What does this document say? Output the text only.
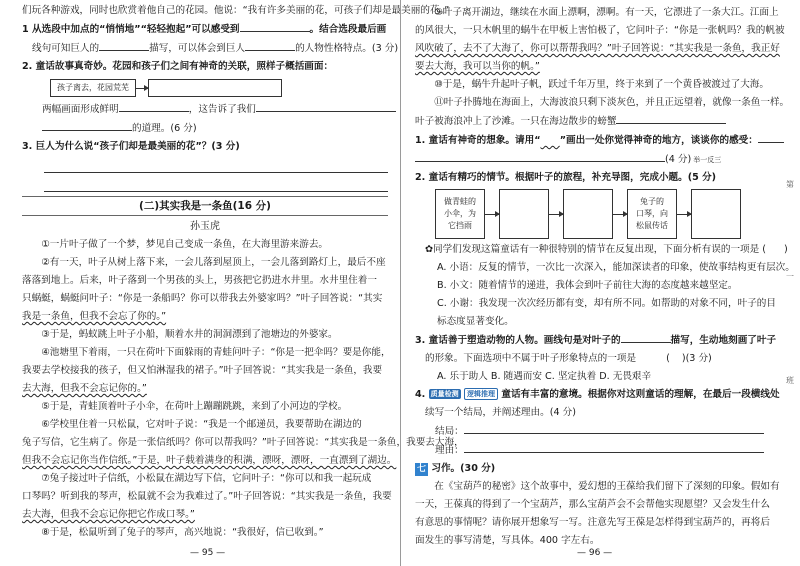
们玩各种游戏，同时也欣赏着他自己的花园。他说：“我有许多美丽的花，可孩子们却是最美丽的花。”

1 从选段中加点的“悄悄地”“轻轻抱起”可以感受到	。结合选段最后画

线句可知巨人的	描写，可以体会到巨人	的人物性格特点。(3 分)

2. 童话故事真奇妙。花园和孩子们之间有神奇的关联，照样子概括画面：

孩子离去，花园荒芜

两幅画面形成鲜明	，这告诉了我们

的道理。(6 分)

3. 巨人为什么说“孩子们却是最美丽的花”？(3 分)

(二)其实我是一条鱼(16 分)

孙玉虎

①一片叶子做了一个梦，梦见自己变成一条鱼，在大海里游来游去。

②有一天，叶子从树上落下来，一会儿落到屋顶上，一会儿落到路灯上，最后不座

落落到地上。后来，叶子落到一个男孩的头上，男孩把它扔进水井里。水井里住着一

只蜗蜓，蜗蜓问叶子：“你是一条船吗？你可以带我去外婆家吗？”叶子回答说：“其实

我是一条鱼，但我不会忘了你的。”

③于是，蚂蚁跳上叶子小船，顺着水井的洞洞漂到了池塘边的外婆家。

④池塘里下着雨，一只在荷叶下面躲雨的青蛙问叶子：“你是一把伞吗？要是你能，

我要去学校接我的孩子，但又怕淋湿我的裙子。”叶子回答说：“其实我是一条鱼，我要

去大海，但我不会忘记你的。”

⑤于是，青蛙顶着叶子小伞，在荷叶上蹦蹦跳跳，来到了小河边的学校。

⑥学校里住着一只松鼠，它对叶子说：“我是一个邮递员，我要帮助在湖边的

兔子写信，它生病了。你是一张信纸吗？你可以帮我吗？”叶子回答说：“其实我是一条鱼，我要去大海，

但我不会忘记你当作信纸。”于是，叶子载着满身的积满，漂呀，漂呀，一直漂到了湖边。

⑦兔子接过叶子信纸，小松鼠在湖边写下信，它问叶子：“你可以和我一起玩成

口琴吗？听到我的琴声，松鼠就不会为我难过了。”叶子回答说：“其实我是一条鱼，我要

去大海，但我不会忘记你把它作成口琴。”

⑧于是，松鼠听到了兔子的琴声，高兴地说：“我很好，信已收到。”

— 95 —

⑨叶子离开湖边，继续在水面上漂啊，漂啊。有一天，它漂进了一条大江。江面上

的风很大，一只木帆里的蜗牛在甲板上害怕极了，它问叶子：“你是一张帆吗？我的帆被

风吹破了，去不了大海了，你可以帮帮我吗？”叶子回答说：“其实我是一条鱼，我正好

要去大海，我可以当你的帆。”

⑩于是，蜗牛升起叶子帆，跃过千年万里，终于来到了一个黄昏被渡过了大海。

⑪叶子扑腾地在海面上，大海波浪只剩下淡灰色，并且正远望着，就像一条鱼一样。

叶子被海浪冲上了沙滩。一只在海边散步的螃蟹

1. 童话有神奇的想象。请用“　　 ”画出一处你觉得神奇的地方，谈谈你的感受：

(4 分) 举一反三

2. 童话有精巧的情节。根据叶子的旅程，补充导图，完成小题。(5 分)

做青蛙的
小伞，为
它挡雨
兔子的
口琴，向
松鼠传话

✿同学们发现这篇童话有一种很特别的情节在反复出现，下面分析有误的一项是 ( )

A. 小语：反复的情节，一次比一次深入，能加深读者的印象，使故事结构更有层次。

B. 小文：随着情节的递进，我体会到叶子前往大海的态度越来越坚定。

C. 小谢：我发现一次次经历都有变，却有所不同。如帮助的对象不同，叶子的目

标态度显著变化。

3. 童话善于塑造动物的人物。画线句是对叶子的	描写，生动地刻画了叶子

的形象。下面选项中不属于叶子形象特点的一项是	( )(3 分)

A. 乐于助人 B. 随遇而安 C. 坚定执着 D. 无畏艰辛

4. 质量检测 逻辑推理 童话有丰富的意境。根据你对这则童话的理解，在最后一段横线处

续写一个结局，并阐述理由。(4 分)

结局：

理由：

七 习作。(30 分)

在《宝葫芦的秘密》这个故事中，爱幻想的王葆给我们留下了深刻的印象。假如有

一天，王葆真的得到了一个宝葫芦，那么宝葫芦会不会帮他实现愿望？又会发生什么

有意思的事情呢？请你展开想象写一写。注意先写王葆是怎样得到宝葫芦的，再将后

面发生的事写清楚，写具体。400 字左右。

— 96 —
第
一
班
